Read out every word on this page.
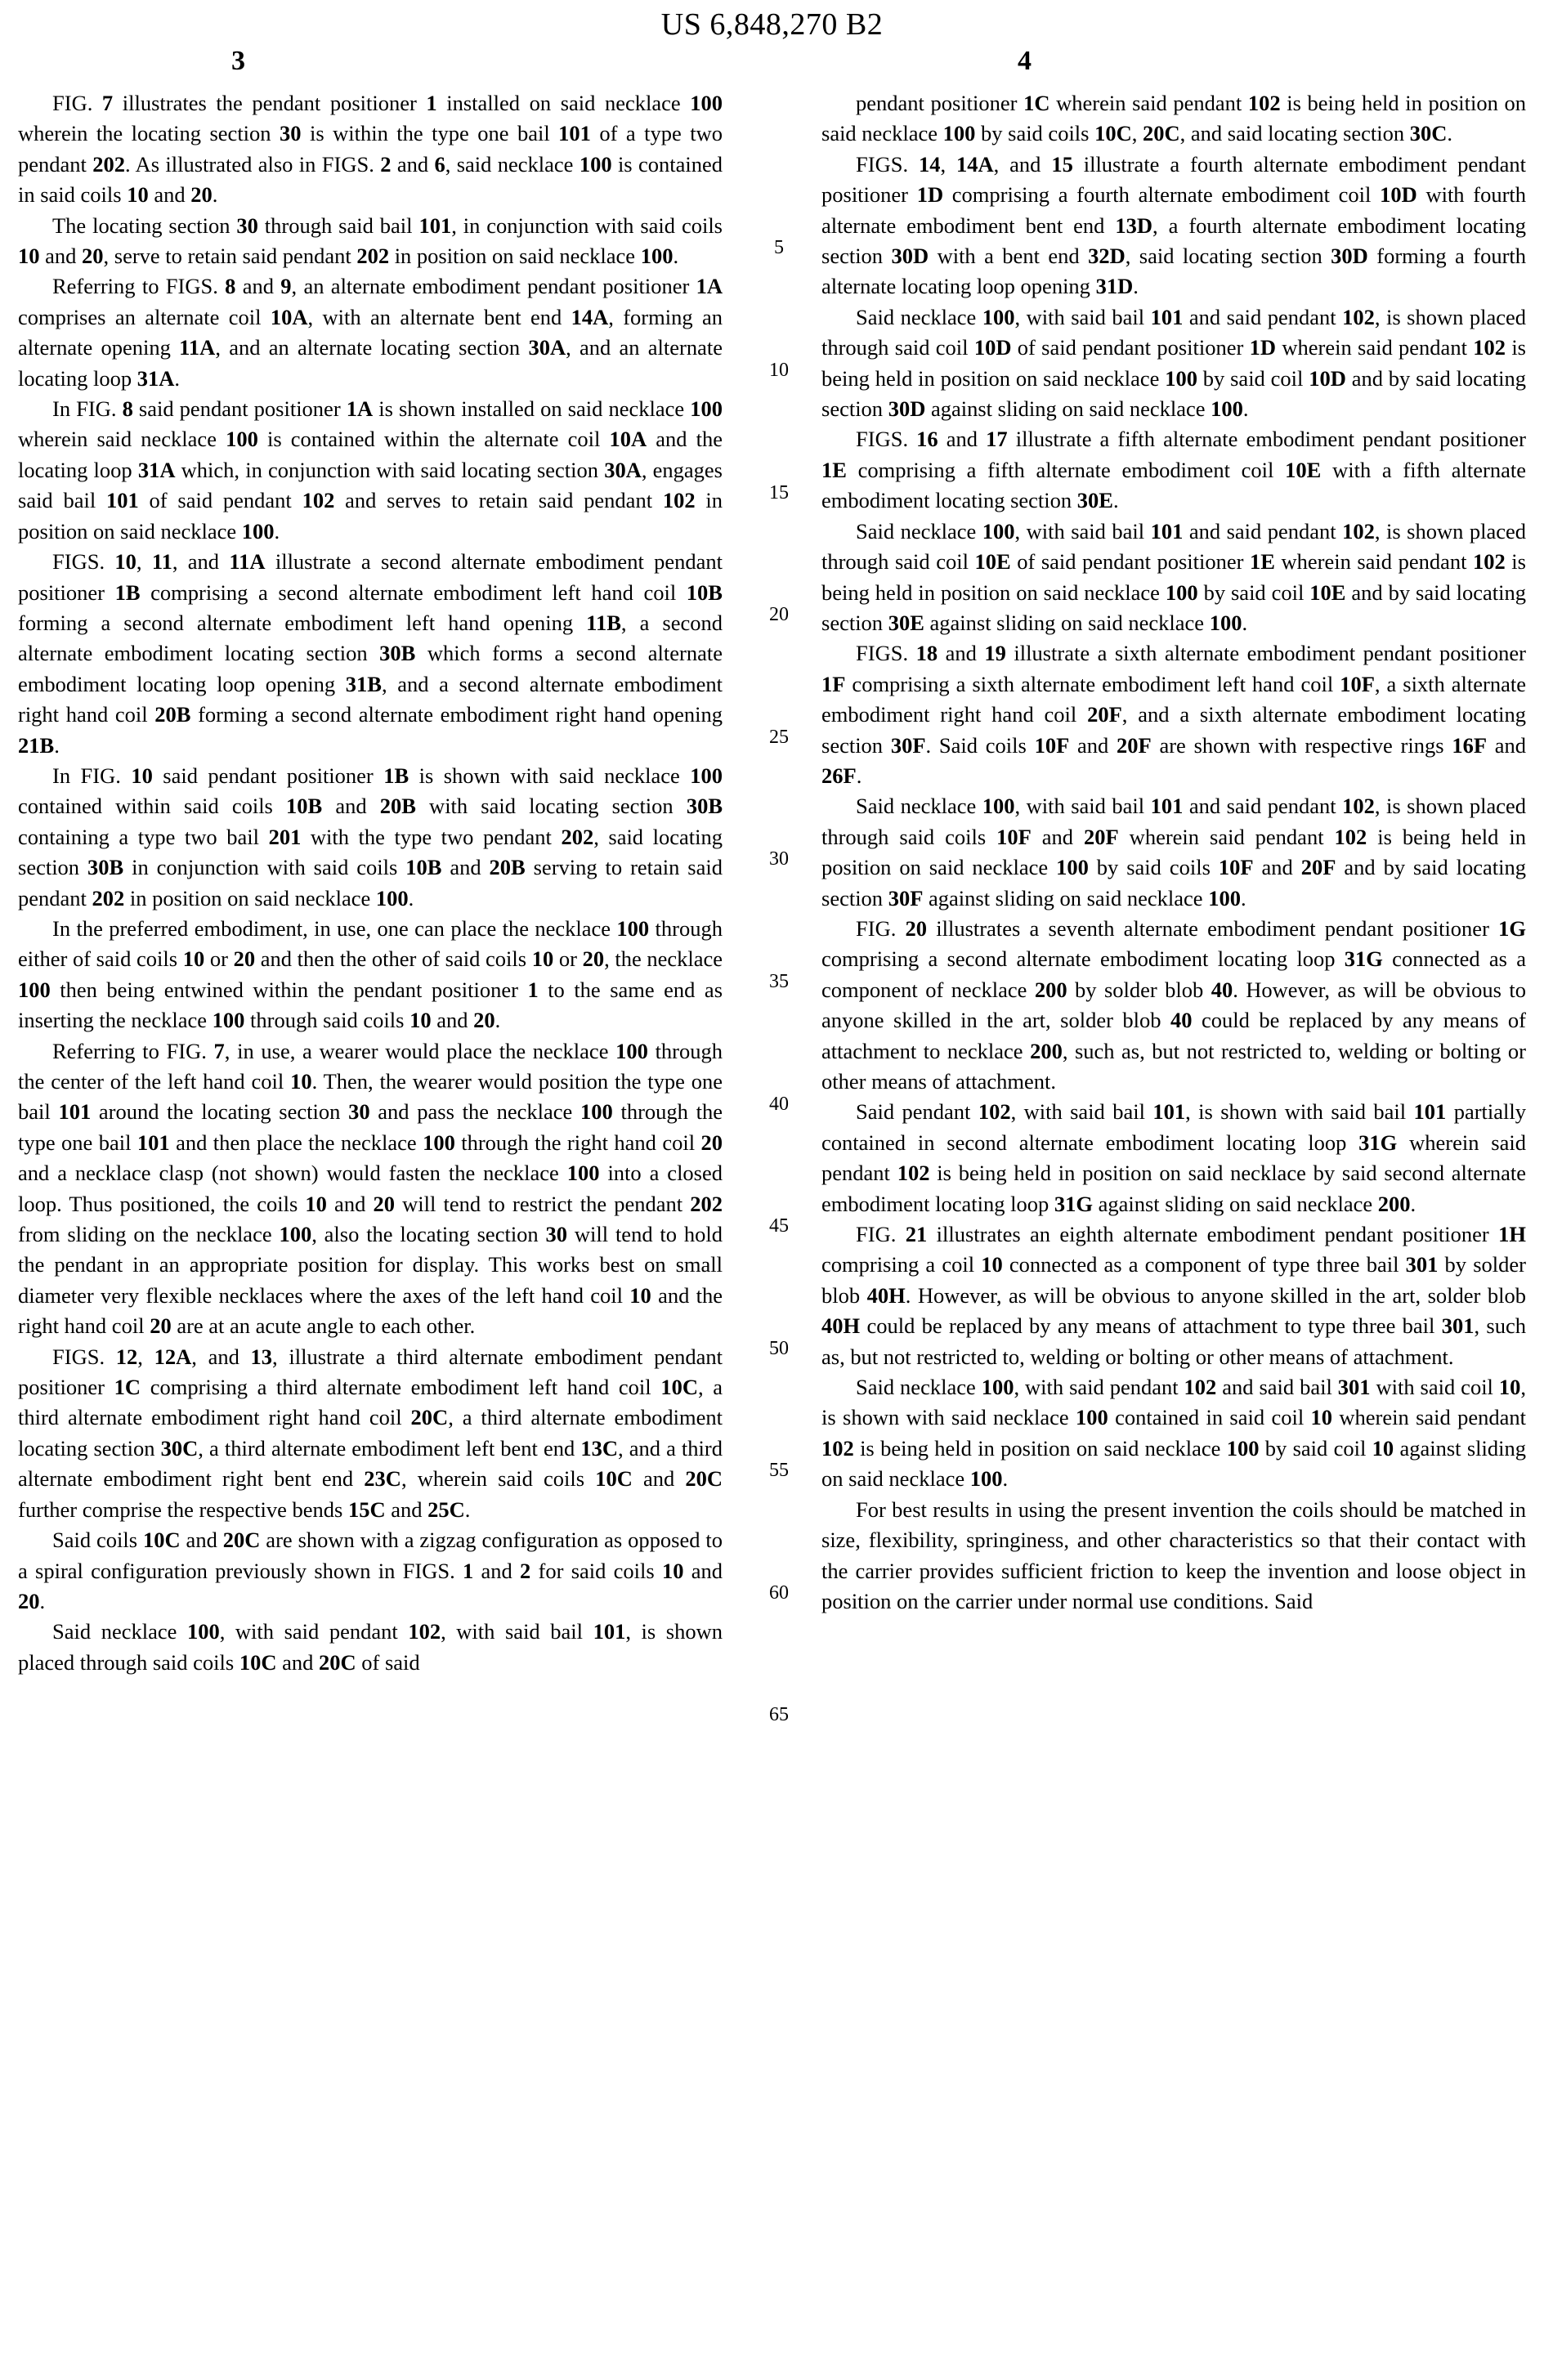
US 6,848,270 B2
3	4

FIG. 7 illustrates the pendant positioner 1 installed on said necklace 100 wherein the locating section 30 is within the type one bail 101 of a type two pendant 202. As illustrated also in FIGS. 2 and 6, said necklace 100 is contained in said coils 10 and 20.

The locating section 30 through said bail 101, in conjunction with said coils 10 and 20, serve to retain said pendant 202 in position on said necklace 100.

Referring to FIGS. 8 and 9, an alternate embodiment pendant positioner 1A comprises an alternate coil 10A, with an alternate bent end 14A, forming an alternate opening 11A, and an alternate locating section 30A, and an alternate locating loop 31A.

In FIG. 8 said pendant positioner 1A is shown installed on said necklace 100 wherein said necklace 100 is contained within the alternate coil 10A and the locating loop 31A which, in conjunction with said locating section 30A, engages said bail 101 of said pendant 102 and serves to retain said pendant 102 in position on said necklace 100.

FIGS. 10, 11, and 11A illustrate a second alternate embodiment pendant positioner 1B comprising a second alternate embodiment left hand coil 10B forming a second alternate embodiment left hand opening 11B, a second alternate embodiment locating section 30B which forms a second alternate embodiment locating loop opening 31B, and a second alternate embodiment right hand coil 20B forming a second alternate embodiment right hand opening 21B.

In FIG. 10 said pendant positioner 1B is shown with said necklace 100 contained within said coils 10B and 20B with said locating section 30B containing a type two bail 201 with the type two pendant 202, said locating section 30B in conjunction with said coils 10B and 20B serving to retain said pendant 202 in position on said necklace 100.

In the preferred embodiment, in use, one can place the necklace 100 through either of said coils 10 or 20 and then the other of said coils 10 or 20, the necklace 100 then being entwined within the pendant positioner 1 to the same end as inserting the necklace 100 through said coils 10 and 20.

Referring to FIG. 7, in use, a wearer would place the necklace 100 through the center of the left hand coil 10. Then, the wearer would position the type one bail 101 around the locating section 30 and pass the necklace 100 through the type one bail 101 and then place the necklace 100 through the right hand coil 20 and a necklace clasp (not shown) would fasten the necklace 100 into a closed loop. Thus positioned, the coils 10 and 20 will tend to restrict the pendant 202 from sliding on the necklace 100, also the locating section 30 will tend to hold the pendant in an appropriate position for display. This works best on small diameter very flexible necklaces where the axes of the left hand coil 10 and the right hand coil 20 are at an acute angle to each other.

FIGS. 12, 12A, and 13, illustrate a third alternate embodiment pendant positioner 1C comprising a third alternate embodiment left hand coil 10C, a third alternate embodiment right hand coil 20C, a third alternate embodiment locating section 30C, a third alternate embodiment left bent end 13C, and a third alternate embodiment right bent end 23C, wherein said coils 10C and 20C further comprise the respective bends 15C and 25C.

Said coils 10C and 20C are shown with a zigzag configuration as opposed to a spiral configuration previously shown in FIGS. 1 and 2 for said coils 10 and 20.

Said necklace 100, with said pendant 102, with said bail 101, is shown placed through said coils 10C and 20C of said

5
10
15
20
25
30
35
40
45
50
55
60
65

pendant positioner 1C wherein said pendant 102 is being held in position on said necklace 100 by said coils 10C, 20C, and said locating section 30C.

FIGS. 14, 14A, and 15 illustrate a fourth alternate embodiment pendant positioner 1D comprising a fourth alternate embodiment coil 10D with fourth alternate embodiment bent end 13D, a fourth alternate embodiment locating section 30D with a bent end 32D, said locating section 30D forming a fourth alternate locating loop opening 31D.

Said necklace 100, with said bail 101 and said pendant 102, is shown placed through said coil 10D of said pendant positioner 1D wherein said pendant 102 is being held in position on said necklace 100 by said coil 10D and by said locating section 30D against sliding on said necklace 100.

FIGS. 16 and 17 illustrate a fifth alternate embodiment pendant positioner 1E comprising a fifth alternate embodiment coil 10E with a fifth alternate embodiment locating section 30E.

Said necklace 100, with said bail 101 and said pendant 102, is shown placed through said coil 10E of said pendant positioner 1E wherein said pendant 102 is being held in position on said necklace 100 by said coil 10E and by said locating section 30E against sliding on said necklace 100.

FIGS. 18 and 19 illustrate a sixth alternate embodiment pendant positioner 1F comprising a sixth alternate embodiment left hand coil 10F, a sixth alternate embodiment right hand coil 20F, and a sixth alternate embodiment locating section 30F. Said coils 10F and 20F are shown with respective rings 16F and 26F.

Said necklace 100, with said bail 101 and said pendant 102, is shown placed through said coils 10F and 20F wherein said pendant 102 is being held in position on said necklace 100 by said coils 10F and 20F and by said locating section 30F against sliding on said necklace 100.

FIG. 20 illustrates a seventh alternate embodiment pendant positioner 1G comprising a second alternate embodiment locating loop 31G connected as a component of necklace 200 by solder blob 40. However, as will be obvious to anyone skilled in the art, solder blob 40 could be replaced by any means of attachment to necklace 200, such as, but not restricted to, welding or bolting or other means of attachment.

Said pendant 102, with said bail 101, is shown with said bail 101 partially contained in second alternate embodiment locating loop 31G wherein said pendant 102 is being held in position on said necklace by said second alternate embodiment locating loop 31G against sliding on said necklace 200.

FIG. 21 illustrates an eighth alternate embodiment pendant positioner 1H comprising a coil 10 connected as a component of type three bail 301 by solder blob 40H. However, as will be obvious to anyone skilled in the art, solder blob 40H could be replaced by any means of attachment to type three bail 301, such as, but not restricted to, welding or bolting or other means of attachment.

Said necklace 100, with said pendant 102 and said bail 301 with said coil 10, is shown with said necklace 100 contained in said coil 10 wherein said pendant 102 is being held in position on said necklace 100 by said coil 10 against sliding on said necklace 100.

For best results in using the present invention the coils should be matched in size, flexibility, springiness, and other characteristics so that their contact with the carrier provides sufficient friction to keep the invention and loose object in position on the carrier under normal use conditions. Said
